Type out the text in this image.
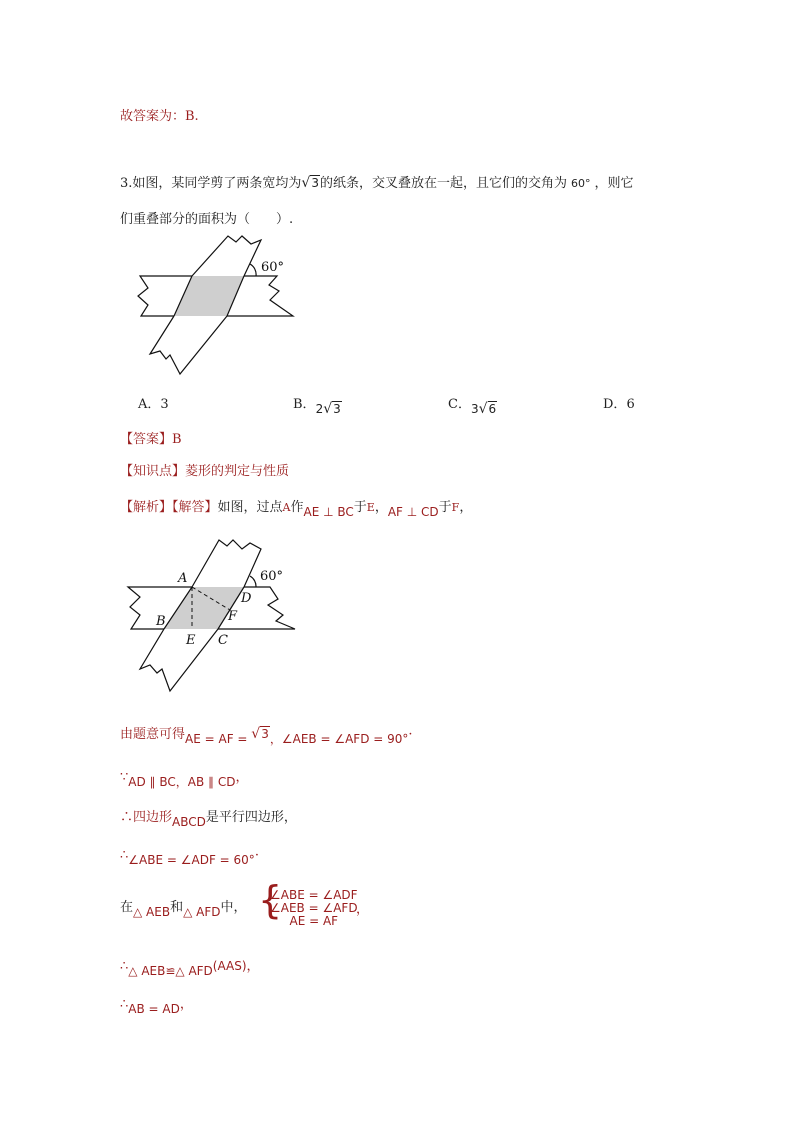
故答案为：B.
3.如图，某同学剪了两条宽均为√3的纸条，交叉叠放在一起，且它们的交角为 60° ，则它
们重叠部分的面积为（　　）.
60°
A．3	B．2√3	C．3√6	D．6
【答案】B
【知识点】菱形的判定与性质
【解析】【解答】如图，过点A作AE ⊥ BC于E，AF ⊥ CD于F，
60°
A
B
C
D
E
F
由题意可得AE = AF = √3，∠AEB = ∠AFD = 90°·
∵AD ∥ BC，AB ∥ CD，
∴四边形ABCD是平行四边形，
∴∠ABE = ∠ADF = 60°·
在△ AEB和△ AFD中， {
∠ABE = ∠ADF
∠AEB = ∠AFD
AE = AF
，
∴△ AEB≌△ AFD(AAS)，
∴AB = AD，
